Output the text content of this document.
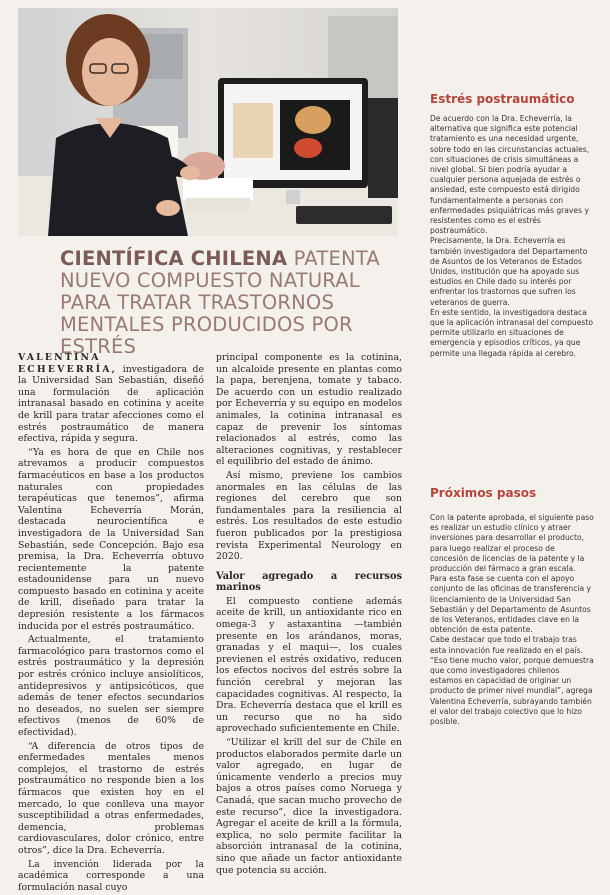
CIENTÍFICA CHILENA PATENTA NUEVO COMPUESTO NATURAL PARA TRATAR TRASTORNOS MENTALES PRODUCIDOS POR ESTRÉS

VALENTINA ECHEVERRÍA, investigadora de la Universidad San Sebastián, diseñó una formulación de aplicación intranasal basado en cotinina y aceite de krill para tratar afecciones como el estrés postraumático de manera efectiva, rápida y segura.

“Ya es hora de que en Chile nos atrevamos a producir compuestos farmacéuticos en base a los productos naturales con propiedades terapéuticas que tenemos”, afirma Valentina Echeverría Morán, destacada neurocientífica e investigadora de la Universidad San Sebastián, sede Concepción. Bajo esa premisa, la Dra. Echeverría obtuvo recientemente la patente estadounidense para un nuevo compuesto basado en cotinina y aceite de krill, diseñado para tratar la depresión resistente a los fármacos inducida por el estrés postraumático.

Actualmente, el tratamiento farmacológico para trastornos como el estrés postraumático y la depresión por estrés crónico incluye ansiolíticos, antidepresivos y antipsicóticos, que además de tener efectos secundarios no deseados, no suelen ser siempre efectivos (menos de 60% de efectividad).

“A diferencia de otros tipos de enfermedades mentales menos complejos, el trastorno de estrés postraumático no responde bien a los fármacos que existen hoy en el mercado, lo que conlleva una mayor susceptibilidad a otras enfermedades, demencia, problemas cardiovasculares, dolor crónico, entre otros”, dice la Dra. Echeverría.

La invención liderada por la académica corresponde a una formulación nasal cuyo

principal componente es la cotinina, un alcaloide presente en plantas como la papa, berenjena, tomate y tabaco. De acuerdo con un estudio realizado por Echeverría y su equipo en modelos animales, la cotinina intranasal es capaz de prevenir los síntomas relacionados al estrés, como las alteraciones cognitivas, y restablecer el equilibrio del estado de ánimo.

Así mismo, previene los cambios anormales en las células de las regiones del cerebro que son fundamentales para la resiliencia al estrés. Los resultados de este estudio fueron publicados por la prestigiosa revista Experimental Neurology en 2020.

Valor agregado a recursos marinos

El compuesto contiene además aceite de krill, un antioxidante rico en omega-3 y astaxantina —también presente en los arándanos, moras, granadas y el maqui—, los cuales previenen el estrés oxidativo, reducen los efectos nocivos del estrés sobre la función cerebral y mejoran las capacidades cognitivas. Al respecto, la Dra. Echeverría destaca que el krill es un recurso que no ha sido aprovechado suficientemente en Chile.

“Utilizar el krill del sur de Chile en productos elaborados permite darle un valor agregado, en lugar de únicamente venderlo a precios muy bajos a otros países como Noruega y Canadá, que sacan mucho provecho de este recurso”, dice la investigadora. Agregar el aceite de krill a la fórmula, explica, no solo permite facilitar la absorción intranasal de la cotinina, sino que añade un factor antioxidante que potencia su acción.

Estrés postraumático

De acuerdo con la Dra. Echeverría, la alternativa que significa este potencial tratamiento es una necesidad urgente, sobre todo en las circunstancias actuales, con situaciones de crisis simultáneas a nivel global. Si bien podría ayudar a cualquier persona aquejada de estrés o ansiedad, este compuesto está dirigido fundamentalmente a personas con enfermedades psiquiátricas más graves y resistentes como es el estrés postraumático.

Precisamente, la Dra. Echeverría es también investigadora del Departamento de Asuntos de los Veteranos de Estados Unidos, institución que ha apoyado sus estudios en Chile dado su interés por enfrentar los trastornos que sufren los veteranos de guerra.

En este sentido, la investigadora destaca que la aplicación intranasal del compuesto permite utilizarlo en situaciones de emergencia y episodios críticos, ya que permite una llegada rápida al cerebro.

Próximos pasos

Con la patente aprobada, el siguiente paso es realizar un estudio clínico y atraer inversiones para desarrollar el producto, para luego realizar el proceso de concesión de licencias de la patente y la producción del fármaco a gran escala. Para esta fase se cuenta con el apoyo conjunto de las oficinas de transferencia y licenciamiento de la Universidad San Sebastián y del Departamento de Asuntos de los Veteranos, entidades clave en la obtención de esta patente.

Cabe destacar que todo el trabajo tras esta innovación fue realizado en el país. “Eso tiene mucho valor, porque demuestra que como investigadores chilenos estamos en capacidad de originar un producto de primer nivel mundial”, agrega Valentina Echeverría, subrayando también el valor del trabajo colectivo que lo hizo posible.
